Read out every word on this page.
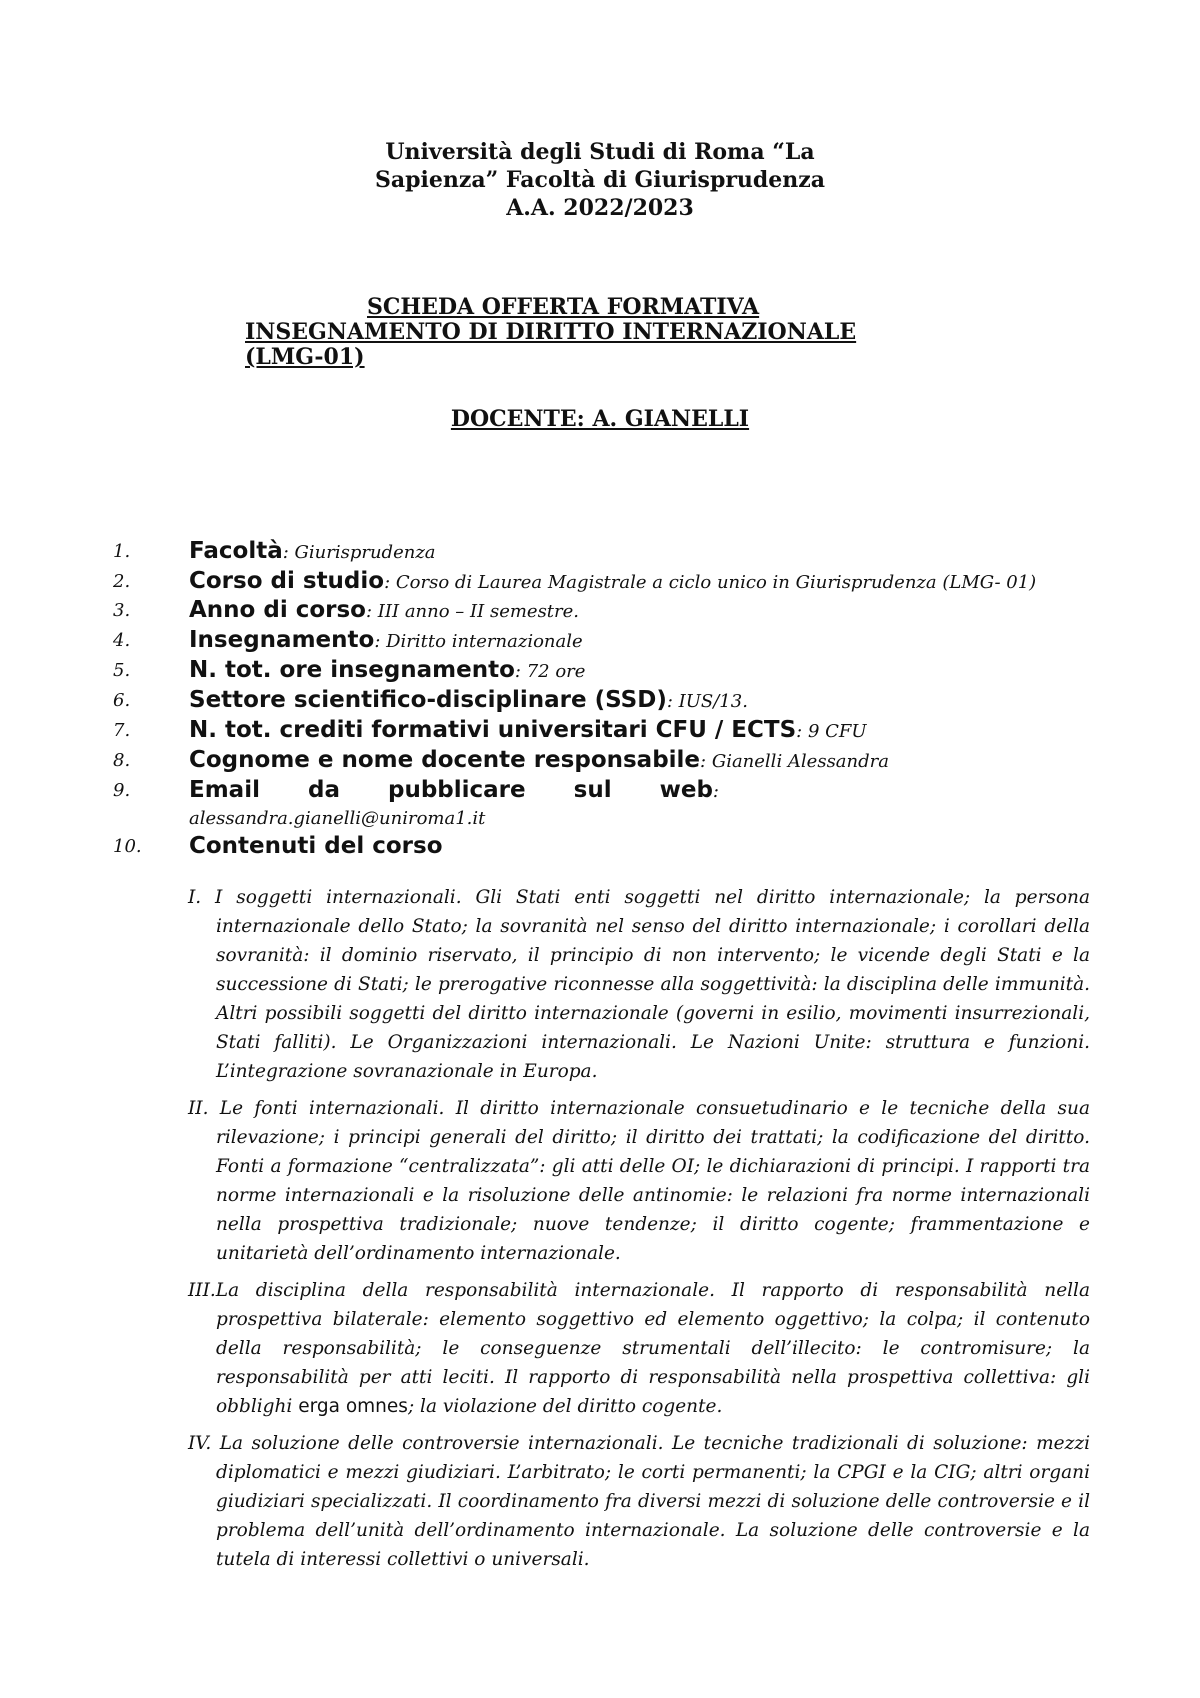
Università degli Studi di Roma “La
Sapienza” Facoltà di Giurisprudenza
A.A. 2022/2023
SCHEDA OFFERTA FORMATIVA
INSEGNAMENTO DI DIRITTO INTERNAZIONALE
(LMG-01)
DOCENTE: A. GIANELLI
1.	Facoltà: Giurisprudenza
2.	Corso di studio: Corso di Laurea Magistrale a ciclo unico in Giurisprudenza (LMG- 01)
3.	Anno di corso: III anno – II semestre.
4.	Insegnamento: Diritto internazionale
5.	N. tot. ore insegnamento: 72 ore
6.	Settore scientifico-disciplinare (SSD): IUS/13.
7.	N. tot. crediti formativi universitari CFU / ECTS: 9 CFU
8.	Cognome e nome docente responsabile: Gianelli Alessandra
9.	Email da pubblicare sul web:
alessandra.gianelli@uniroma1.it
10. Contenuti del corso
I. I soggetti internazionali. Gli Stati enti soggetti nel diritto internazionale; la persona internazionale dello Stato; la sovranità nel senso del diritto internazionale; i corollari della sovranità: il dominio riservato, il principio di non intervento; le vicende degli Stati e la successione di Stati; le prerogative riconnesse alla soggettività: la disciplina delle immunità. Altri possibili soggetti del diritto internazionale (governi in esilio, movimenti insurrezionali, Stati falliti). Le Organizzazioni internazionali. Le Nazioni Unite: struttura e funzioni. L’integrazione sovranazionale in Europa.
II. Le fonti internazionali. Il diritto internazionale consuetudinario e le tecniche della sua rilevazione; i principi generali del diritto; il diritto dei trattati; la codificazione del diritto. Fonti a formazione “centralizzata”: gli atti delle OI; le dichiarazioni di principi. I rapporti tra norme internazionali e la risoluzione delle antinomie: le relazioni fra norme internazionali nella prospettiva tradizionale; nuove tendenze; il diritto cogente; frammentazione e unitarietà dell’ordinamento internazionale.
III.La disciplina della responsabilità internazionale. Il rapporto di responsabilità nella prospettiva bilaterale: elemento soggettivo ed elemento oggettivo; la colpa; il contenuto della responsabilità; le conseguenze strumentali dell’illecito: le contromisure; la responsabilità per atti leciti. Il rapporto di responsabilità nella prospettiva collettiva: gli obblighi erga omnes; la violazione del diritto cogente.
IV. La soluzione delle controversie internazionali. Le tecniche tradizionali di soluzione: mezzi diplomatici e mezzi giudiziari. L’arbitrato; le corti permanenti; la CPGI e la CIG; altri organi giudiziari specializzati. Il coordinamento fra diversi mezzi di soluzione delle controversie e il problema dell’unità dell’ordinamento internazionale. La soluzione delle controversie e la tutela di interessi collettivi o universali.
